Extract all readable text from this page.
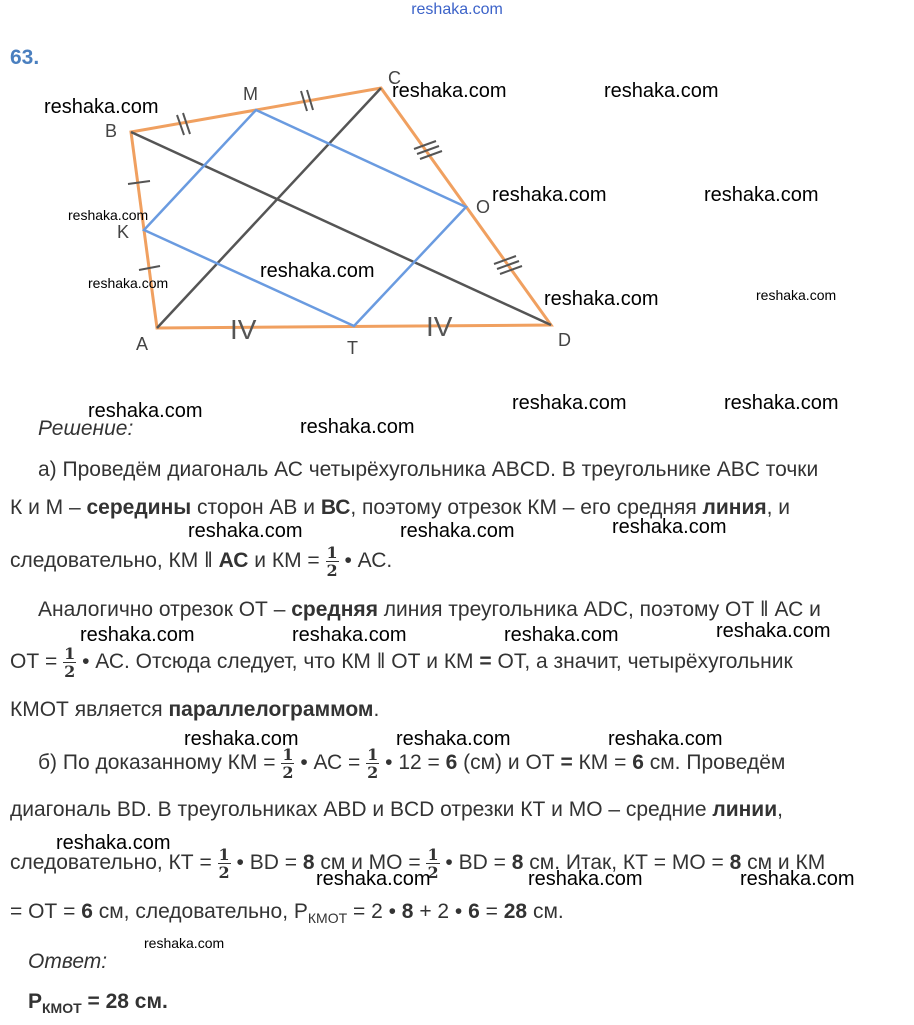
reshaka.com
63.
IV	IV
B
M
C
K
O
A	T	D
Решение:
а) Проведём диагональ АС четырёхугольника ABCD. В треугольнике ABC точки
К и М – середины сторон АВ и ВС, поэтому отрезок КМ – его средняя линия, и
следовательно, КМ ǁ АС и КМ = $\frac{1}{2}$ • АС.
Аналогично отрезок ОТ – средняя линия треугольника ADC, поэтому ОТ ǁ АС и
ОТ = $\frac{1}{2}$ • АС. Отсюда следует, что КМ ǁ ОТ и КМ = ОТ, а значит, четырёхугольник
КМОТ является параллелограммом.
б) По доказанному КМ = $\frac{1}{2}$ • АС = $\frac{1}{2}$ • 12 = 6 (см) и ОТ = КМ = 6 см. Проведём
диагональ BD. В треугольниках ABD и BCD отрезки КТ и МО – средние линии,
следовательно, КТ = $\frac{1}{2}$ • BD = 8 см и МО = $\frac{1}{2}$ • BD = 8 см. Итак, КТ = МО = 8 см и КМ
= ОТ = 6 см, следовательно, $Р_{КМОТ} = 2$ • 8 + 2 • 6 = 28 см.
Ответ:
$Р_{КМОТ} = 28$ см.
reshaka.com
reshaka.com	reshaka.com
reshaka.com
reshaka.com	reshaka.com
reshaka.com
reshaka.com
reshaka.com	reshaka.com
reshaka.com	reshaka.com	reshaka.com
reshaka.com
reshaka.com	reshaka.com	reshaka.com
reshaka.com	reshaka.com	reshaka.com	reshaka.com
reshaka.com	reshaka.com	reshaka.com
reshaka.com
reshaka.com	reshaka.com	reshaka.com
reshaka.com
